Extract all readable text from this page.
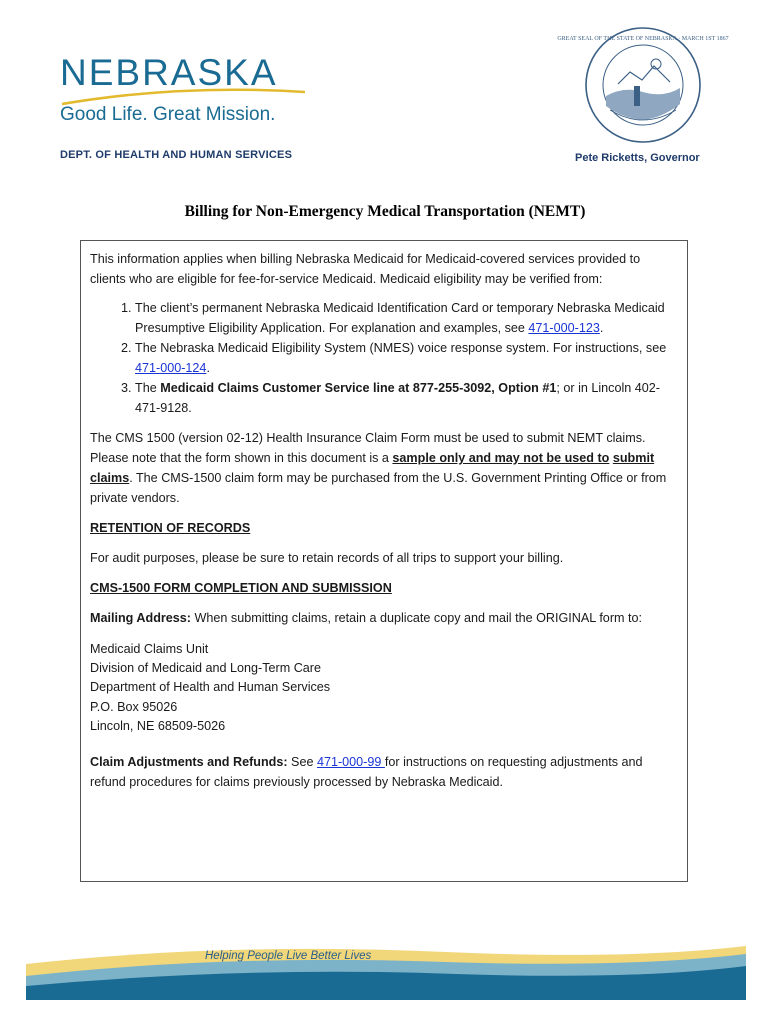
NEBRASKA
Good Life. Great Mission.
DEPT. OF HEALTH AND HUMAN SERVICES
GREAT SEAL OF THE STATE OF NEBRASKA · MARCH 1ST 1867
Pete Ricketts, Governor
Billing for Non-Emergency Medical Transportation (NEMT)

This information applies when billing Nebraska Medicaid for Medicaid-covered services provided to clients who are eligible for fee-for-service Medicaid. Medicaid eligibility may be verified from:

1. The client’s permanent Nebraska Medicaid Identification Card or temporary Nebraska Medicaid Presumptive Eligibility Application. For explanation and examples, see 471-000-123.
2. The Nebraska Medicaid Eligibility System (NMES) voice response system. For instructions, see 471-000-124.
3. The Medicaid Claims Customer Service line at 877-255-3092, Option #1; or in Lincoln 402-471-9128.

The CMS 1500 (version 02-12) Health Insurance Claim Form must be used to submit NEMT claims. Please note that the form shown in this document is a sample only and may not be used to submit claims. The CMS-1500 claim form may be purchased from the U.S. Government Printing Office or from private vendors.

RETENTION OF RECORDS

For audit purposes, please be sure to retain records of all trips to support your billing.

CMS-1500 FORM COMPLETION AND SUBMISSION

Mailing Address: When submitting claims, retain a duplicate copy and mail the ORIGINAL form to:

Medicaid Claims Unit
Division of Medicaid and Long-Term Care
Department of Health and Human Services
P.O. Box 95026
Lincoln, NE 68509-5026

Claim Adjustments and Refunds: See 471-000-99 for instructions on requesting adjustments and refund procedures for claims previously processed by Nebraska Medicaid.

Helping People Live Better Lives
